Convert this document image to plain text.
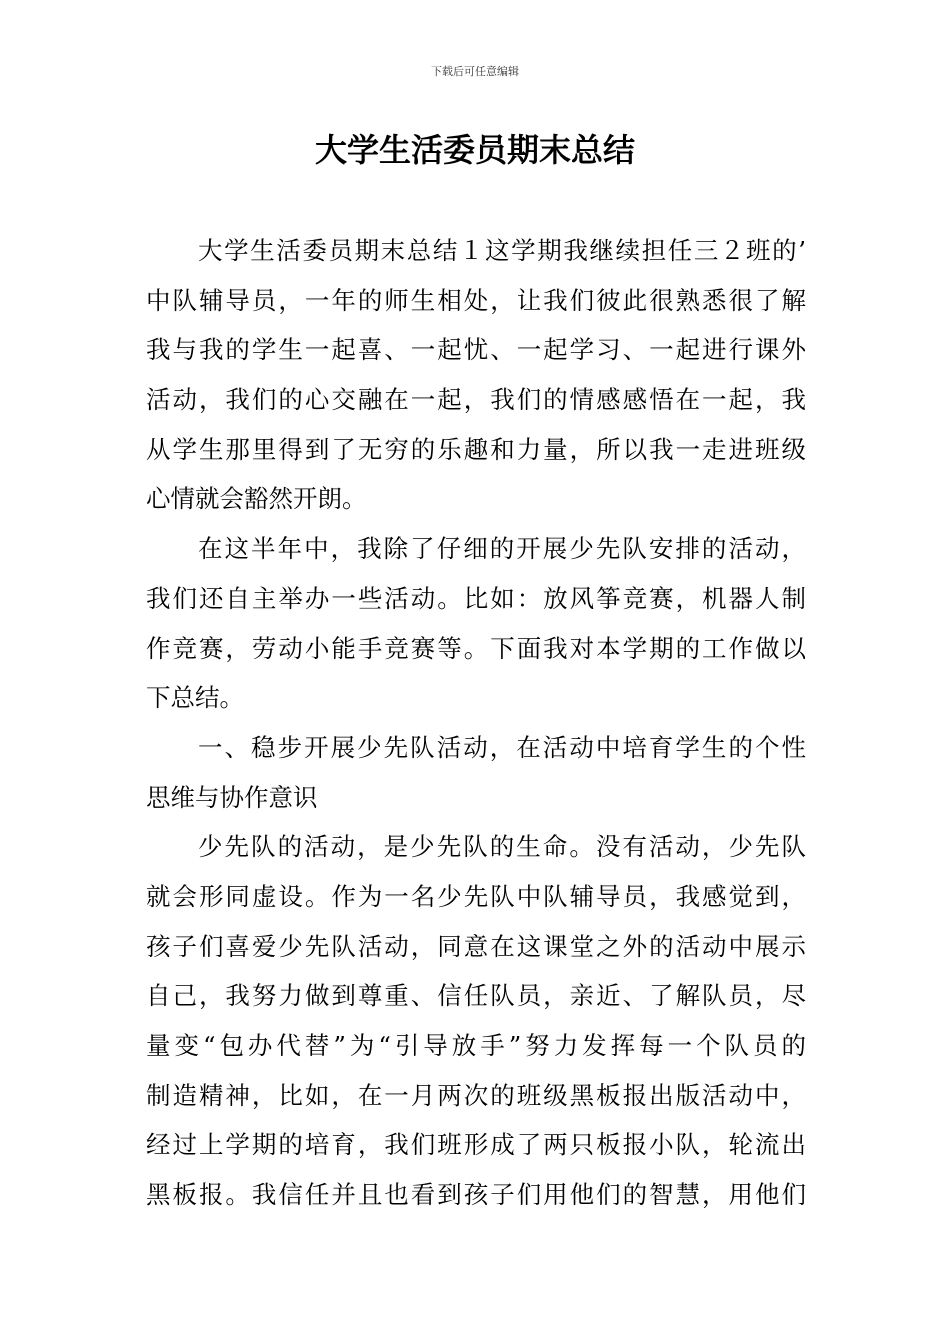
下载后可任意编辑
大学生活委员期末总结
大学生活委员期末总结１这学期我继续担任三２班的’
中队辅导员，一年的师生相处，让我们彼此很熟悉很了解
我与我的学生一起喜、一起忧、一起学习、一起进行课外
活动，我们的心交融在一起，我们的情感感悟在一起，我
从学生那里得到了无穷的乐趣和力量，所以我一走进班级
心情就会豁然开朗。
在这半年中，我除了仔细的开展少先队安排的活动，
我们还自主举办一些活动。比如：放风筝竞赛，机器人制
作竞赛，劳动小能手竞赛等。下面我对本学期的工作做以
下总结。
一、稳步开展少先队活动，在活动中培育学生的个性
思维与协作意识
少先队的活动，是少先队的生命。没有活动，少先队
就会形同虚设。作为一名少先队中队辅导员，我感觉到，
孩子们喜爱少先队活动，同意在这课堂之外的活动中展示
自己，我努力做到尊重、信任队员，亲近、了解队员，尽
量变“包办代替”为“引导放手”努力发挥每一个队员的
制造精神，比如，在一月两次的班级黑板报出版活动中，
经过上学期的培育，我们班形成了两只板报小队，轮流出
黑板报。我信任并且也看到孩子们用他们的智慧，用他们
